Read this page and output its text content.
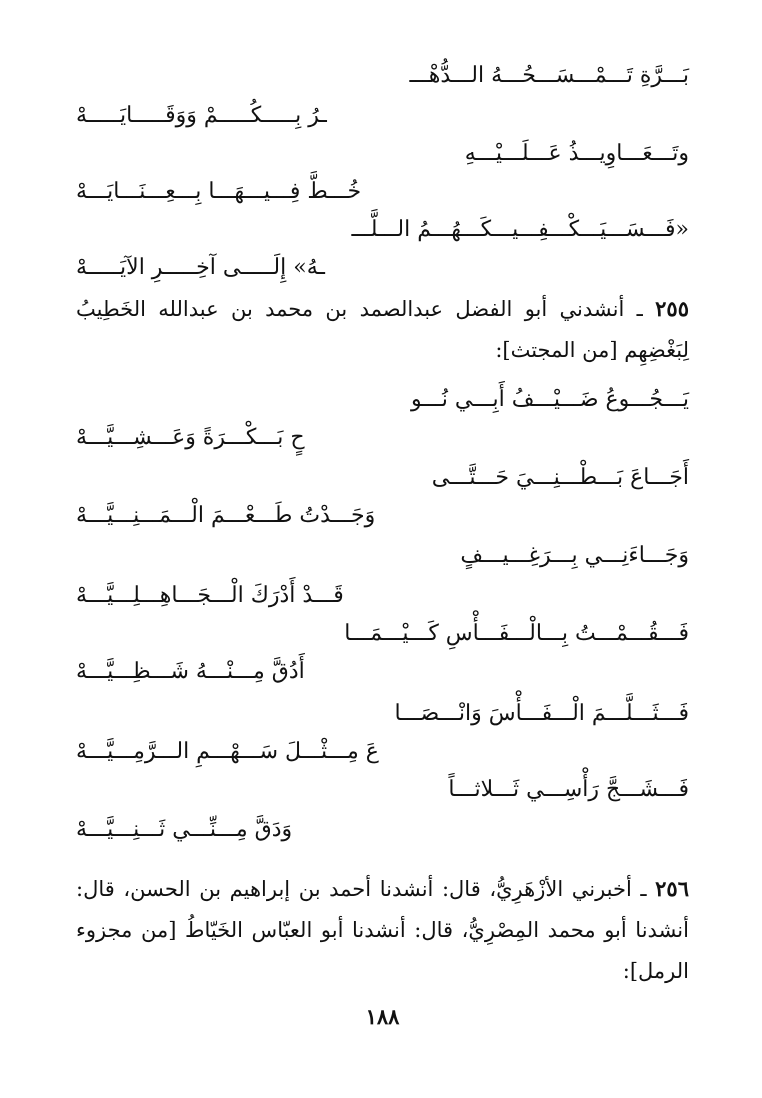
بَـــرَّةِ تَـــمْـــسَـــحُـــهُ الـــدُّهْـــ
ـرُ بِـــــكُـــــمْ وَوَقَـــــايَـــــهْ
وتَـــعَـــاوِيـــذُ عَـــلَـــيْـــهِ
خُـــطَّ فِـــيـــهَـــا بِـــعِـــنَـــايَـــهْ
«فَـــسَـــيَـــكْـــفِـــيـــكَـــهُـــمُ الـــلَّـــ
ـهُ» إِلَـــــى آخِـــــرِ الآيَـــــهْ
٢٥٥ ـ أنشدني أبو الفضل عبدالصمد بن محمد بن عبدالله الخَطِيبُ لِبَغْضِهِم [من المجتث]:
يَـــجُـــوعُ ضَـــيْـــفُ أَبِـــي نُـــو
حٍ بَـــكْـــرَةً وَعَـــشِـــيَّـــهْ
أَجَـــاعَ بَـــطْـــنِـــيَ حَـــتَّـــى
وَجَـــدْتُ طَـــعْـــمَ الْـــمَـــنِـــيَّـــهْ
وَجَـــاءَنِـــي بِـــرَغِـــيـــفٍ
قَـــدْ أَدْرَكَ الْـــجَـــاهِـــلِـــيَّـــهْ
فَـــقُـــمْـــتُ بِـــالْـــفَـــأْسِ كَـــيْـــمَـــا
أَدُقَّ مِـــنْـــهُ شَـــظِـــيَّـــهْ
فَـــثَـــلَّـــمَ الْـــفَـــأْسَ وَانْـــصَـــا
عَ مِـــثْـــلَ سَـــهْـــمِ الـــرَّمِـــيَّـــهْ
فَـــشَـــجَّ رَأْسِـــي ثَـــلاثـــاً
وَدَقَّ مِـــنِّـــي ثَـــنِـــيَّـــهْ
٢٥٦ ـ أخبرني الأزْهَرِيُّ، قال: أنشدنا أحمد بن إبراهيم بن الحسن، قال: أنشدنا أبو محمد المِصْرِيُّ، قال: أنشدنا أبو العبّاس الخَيّاطُ [من مجزوء الرمل]:
١٨٨
